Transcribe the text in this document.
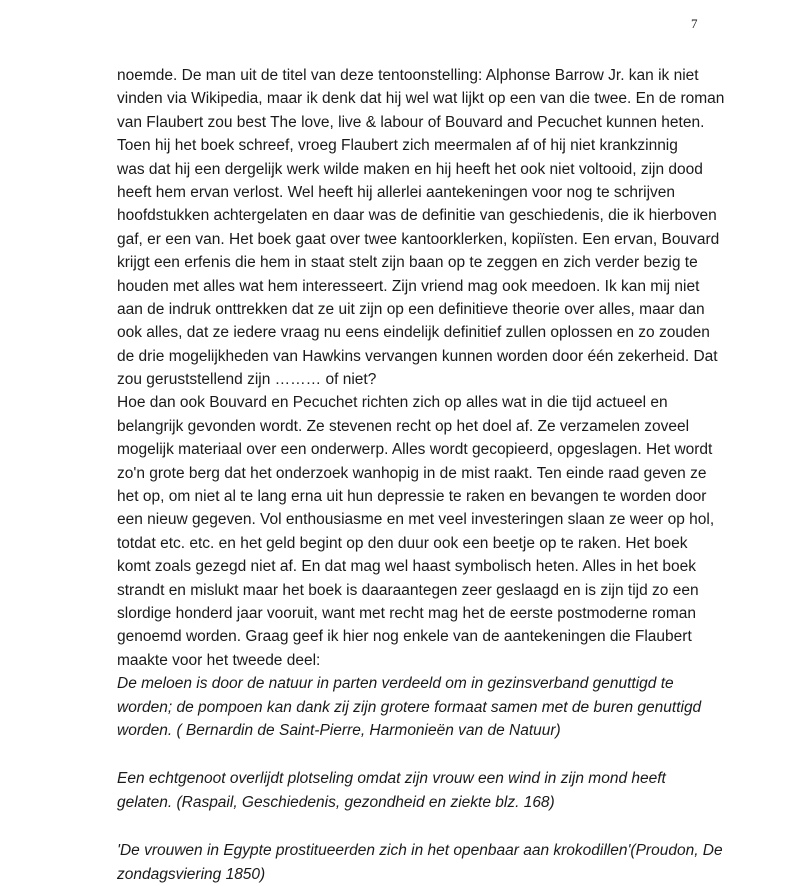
7
noemde. De man uit de titel van deze tentoonstelling: Alphonse Barrow Jr. kan ik niet
vinden via Wikipedia, maar ik denk dat hij wel wat lijkt op een van die twee. En de roman
van Flaubert zou best The love, live & labour of Bouvard and Pecuchet kunnen heten.
Toen hij het boek schreef, vroeg Flaubert zich meermalen af of hij niet krankzinnig
was dat hij een dergelijk werk wilde maken en hij heeft het ook niet voltooid, zijn dood
heeft hem ervan verlost. Wel heeft hij allerlei aantekeningen voor nog te schrijven
hoofdstukken achtergelaten en daar was de definitie van geschiedenis, die ik hierboven
gaf, er een van. Het boek gaat over twee kantoorklerken, kopiïsten. Een ervan, Bouvard
krijgt een erfenis die hem in staat stelt zijn baan op te zeggen en zich verder bezig te
houden met alles wat hem interesseert. Zijn vriend mag ook meedoen. Ik kan mij niet
aan de indruk onttrekken dat ze uit zijn op een definitieve theorie over alles, maar dan
ook alles, dat ze iedere vraag nu eens eindelijk definitief zullen oplossen en zo zouden
de drie mogelijkheden van Hawkins vervangen kunnen worden door één zekerheid. Dat
zou geruststellend zijn ……… of niet?
Hoe dan ook Bouvard en Pecuchet richten zich op alles wat in die tijd actueel en
belangrijk gevonden wordt. Ze stevenen recht op het doel af. Ze verzamelen zoveel
mogelijk materiaal over een onderwerp. Alles wordt gecopieerd, opgeslagen. Het wordt
zo'n grote berg dat het onderzoek wanhopig in de mist raakt. Ten einde raad geven ze
het op, om niet al te lang erna uit hun depressie te raken en bevangen te worden door
een nieuw gegeven. Vol enthousiasme en met veel investeringen slaan ze weer op hol,
totdat etc. etc. en het geld begint op den duur ook een beetje op te raken. Het boek
komt zoals gezegd niet af. En dat mag wel haast symbolisch heten. Alles in het boek
strandt en mislukt maar het boek is daaraantegen zeer geslaagd en is zijn tijd zo een
slordige honderd jaar vooruit, want met recht mag het de eerste postmoderne roman
genoemd worden. Graag geef ik hier nog enkele van de aantekeningen die Flaubert
maakte voor het tweede deel:
De meloen is door de natuur in parten verdeeld om in gezinsverband genuttigd te
worden; de pompoen kan dank zij zijn grotere formaat samen met de buren genuttigd
worden. ( Bernardin de Saint-Pierre, Harmonieën van de Natuur)
Een echtgenoot overlijdt plotseling omdat zijn vrouw een wind in zijn mond heeft
gelaten. (Raspail, Geschiedenis, gezondheid en ziekte blz. 168)
'De vrouwen in Egypte prostitueerden zich in het openbaar aan krokodillen'(Proudon, De
zondagsviering 1850)
